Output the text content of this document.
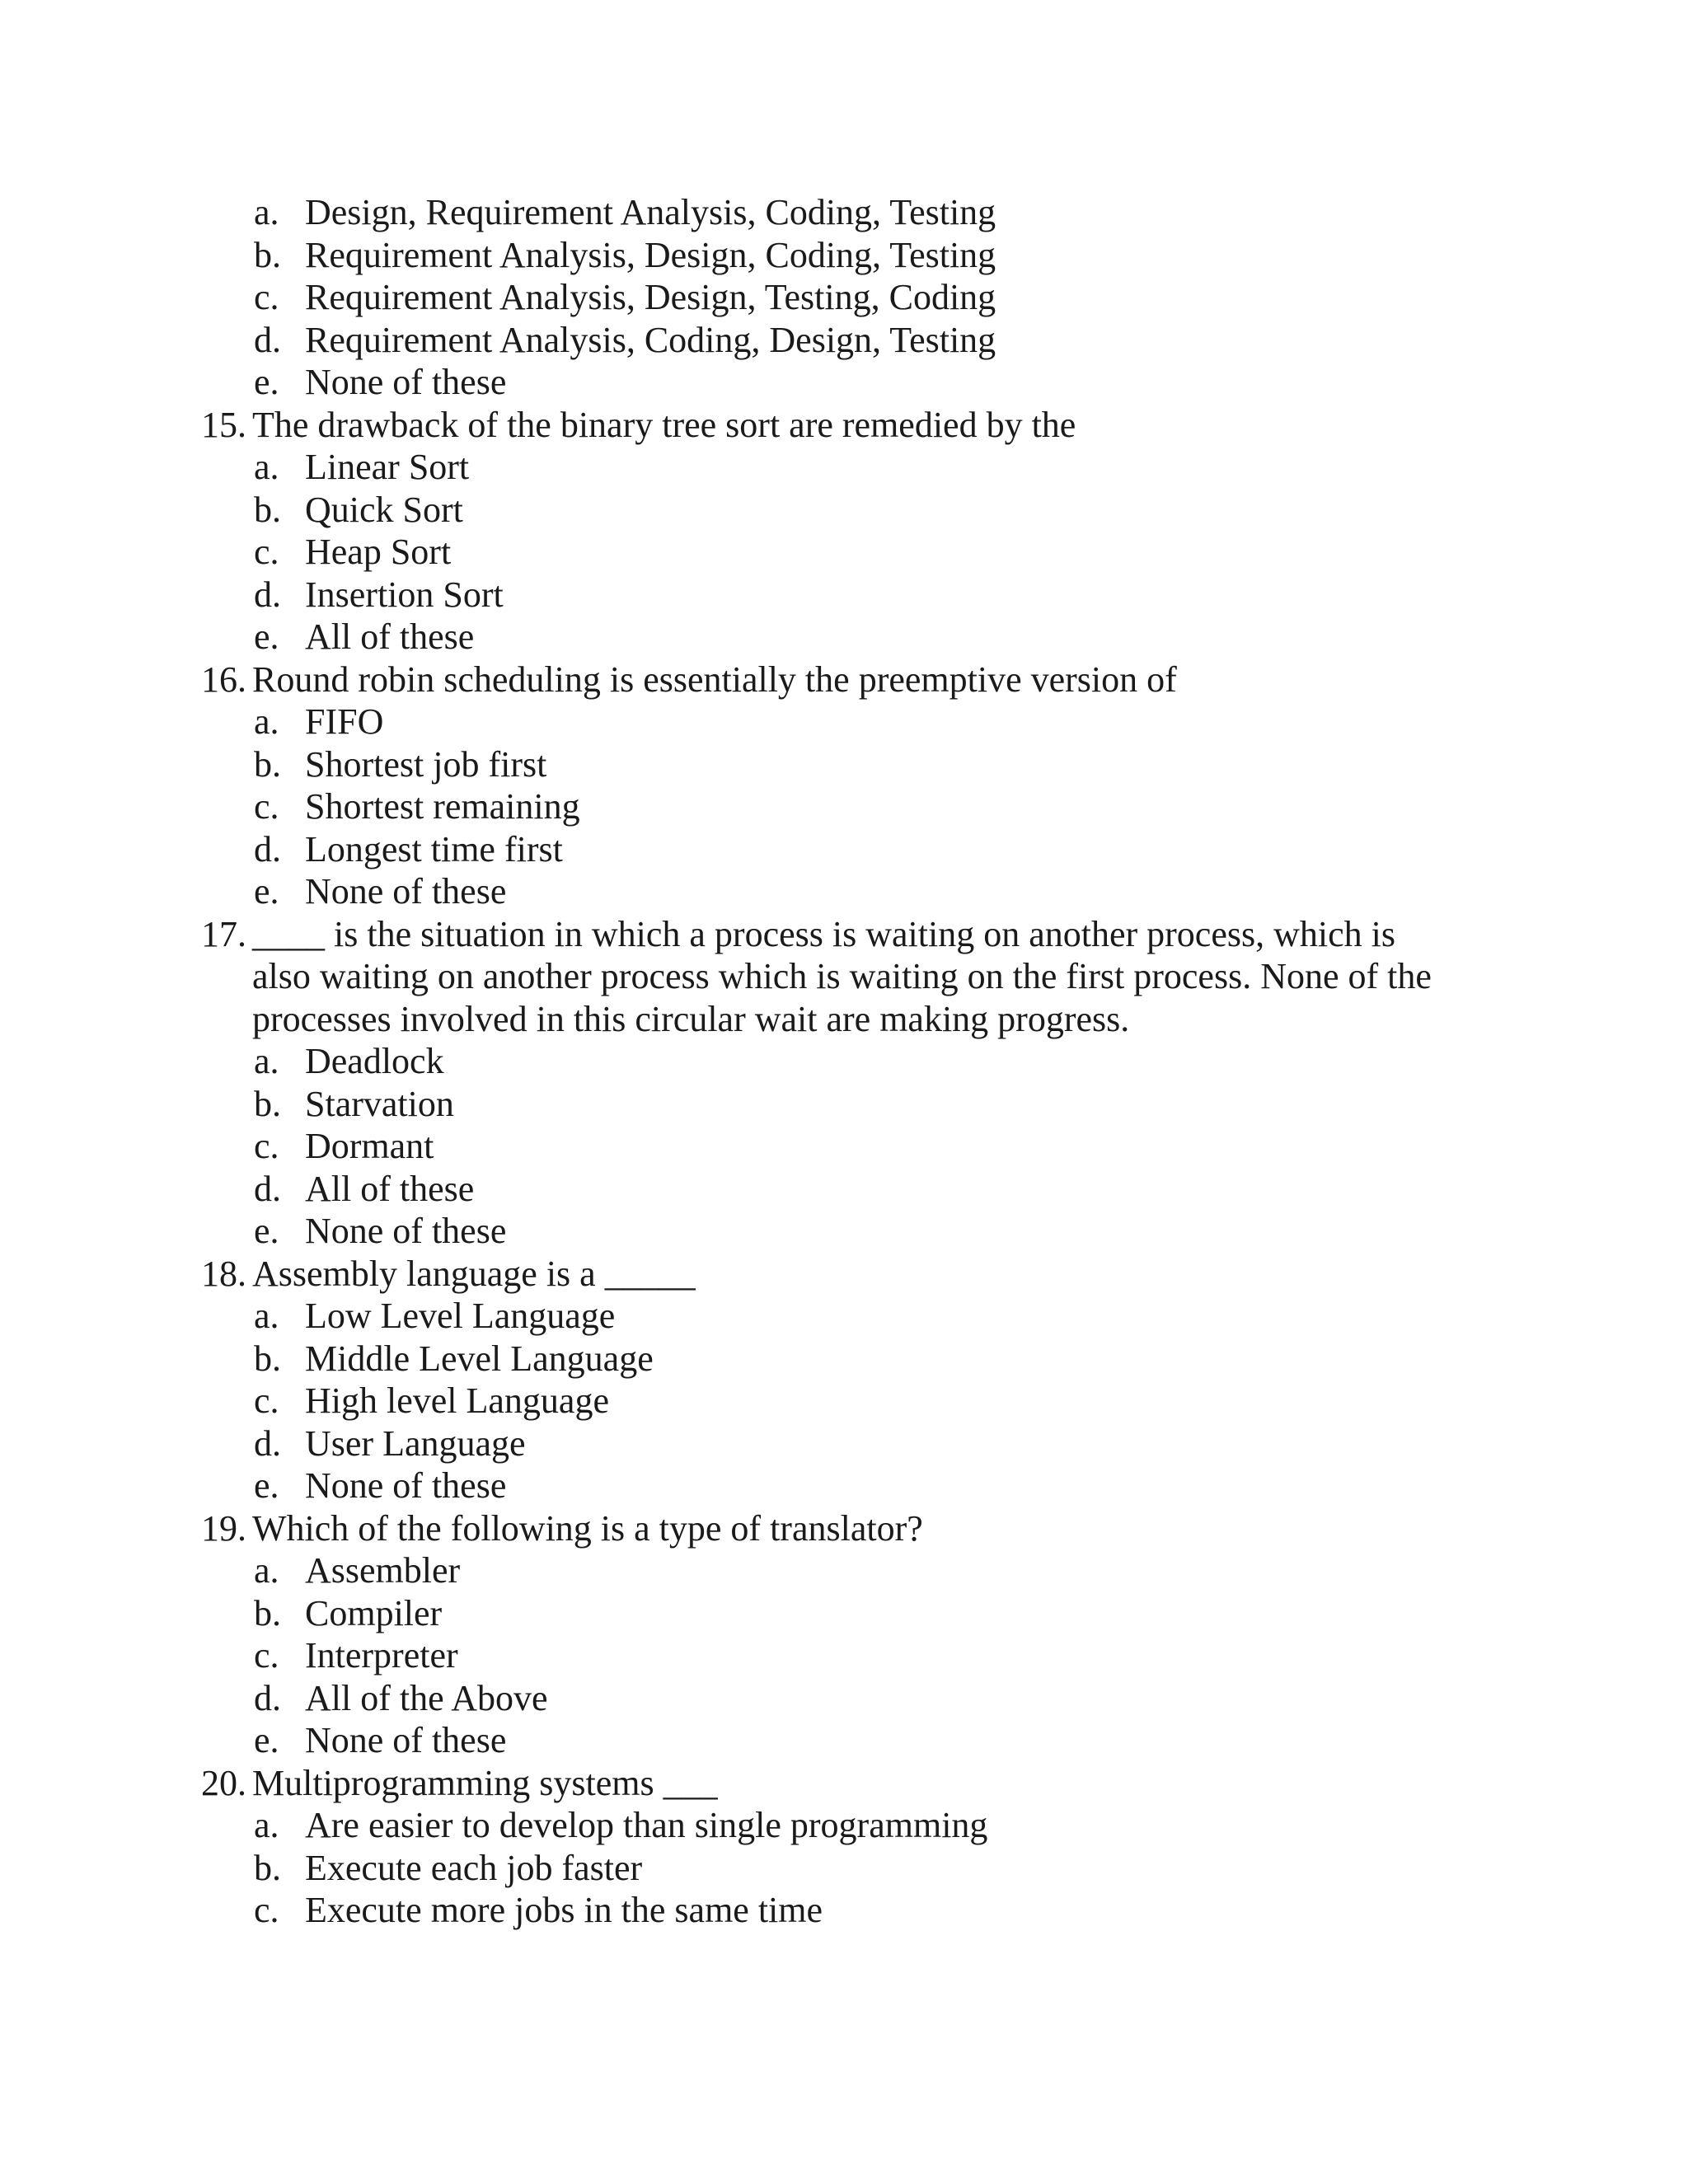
a. Design, Requirement Analysis, Coding, Testing
b. Requirement Analysis, Design, Coding, Testing
c. Requirement Analysis, Design, Testing, Coding
d. Requirement Analysis, Coding, Design, Testing
e. None of these
15. The drawback of the binary tree sort are remedied by the
a. Linear Sort
b. Quick Sort
c. Heap Sort
d. Insertion Sort
e. All of these
16. Round robin scheduling is essentially the preemptive version of
a. FIFO
b. Shortest job first
c. Shortest remaining
d. Longest time first
e. None of these
17. ____ is the situation in which a process is waiting on another process, which is
also waiting on another process which is waiting on the first process. None of the
processes involved in this circular wait are making progress.
a. Deadlock
b. Starvation
c. Dormant
d. All of these
e. None of these
18. Assembly language is a _____
a. Low Level Language
b. Middle Level Language
c. High level Language
d. User Language
e. None of these
19. Which of the following is a type of translator?
a. Assembler
b. Compiler
c. Interpreter
d. All of the Above
e. None of these
20. Multiprogramming systems ___
a. Are easier to develop than single programming
b. Execute each job faster
c. Execute more jobs in the same time
